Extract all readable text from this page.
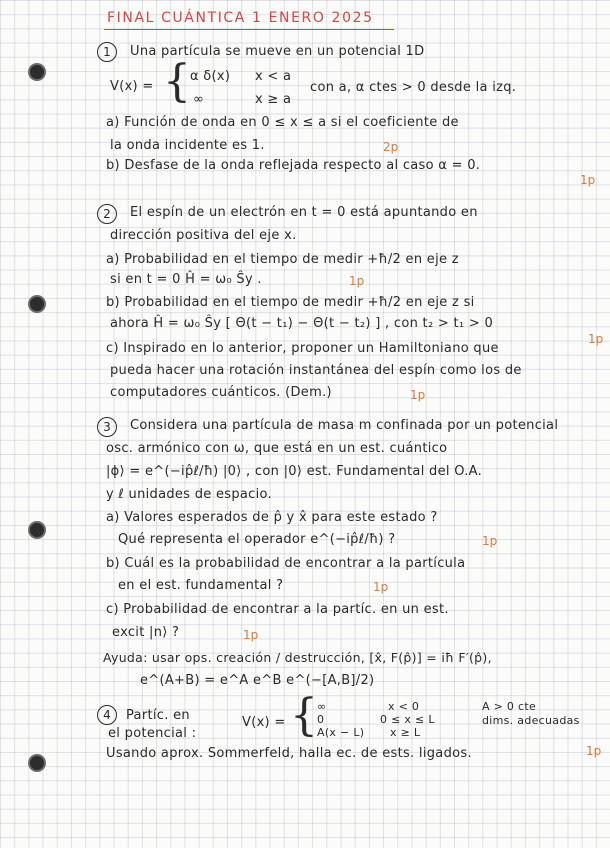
FINAL CUÁNTICA 1 ENERO 2025
1	Una partícula se mueve en un potencial 1D
V(x) = { α δ(x) x < a
∞	x ≥ a
con a, α ctes > 0 desde la izq.
a) Función de onda en 0 ≤ x ≤ a si el coeficiente de
la onda incidente es 1.	2p
b) Desfase de la onda reflejada respecto al caso α = 0.
1p
2	El espín de un electrón en t = 0 está apuntando en
dirección positiva del eje x.
a) Probabilidad en el tiempo de medir +ħ/2 en eje z
si en t = 0 Ĥ = ω₀ Ŝy .	1p
b) Probabilidad en el tiempo de medir +ħ/2 en eje z si
ahora Ĥ = ω₀ Ŝy [ Θ(t − t₁) − Θ(t − t₂) ] , con t₂ > t₁ > 0
1p
c) Inspirado en lo anterior, proponer un Hamiltoniano que
pueda hacer una rotación instantánea del espín como los de
computadores cuánticos. (Dem.)	1p
3	Considera una partícula de masa m confinada por un potencial
osc. armónico con ω, que está en un est. cuántico
|ϕ⟩ = e^(−ip̂ℓ/ħ) |0⟩ , con |0⟩ est. Fundamental del O.A.
y ℓ unidades de espacio.
a) Valores esperados de p̂ y x̂ para este estado ?
Qué representa el operador e^(−ip̂ℓ/ħ) ?	1p
b) Cuál es la probabilidad de encontrar a la partícula
en el est. fundamental ?	1p
c) Probabilidad de encontrar a la partíc. en un est.
excit |n⟩ ?	1p
Ayuda: usar ops. creación / destrucción, [x̂, F(p̂)] = iħ F′(p̂),
e^(A+B) = e^A e^B e^(−[A,B]/2)
4	Partíc. en
el potencial :
V(x) = { ∞	x < 0
0	0 ≤ x ≤ L
A(x − L) x ≥ L
A > 0 cte
dims. adecuadas
Usando aprox. Sommerfeld, halla ec. de ests. ligados.	1p
